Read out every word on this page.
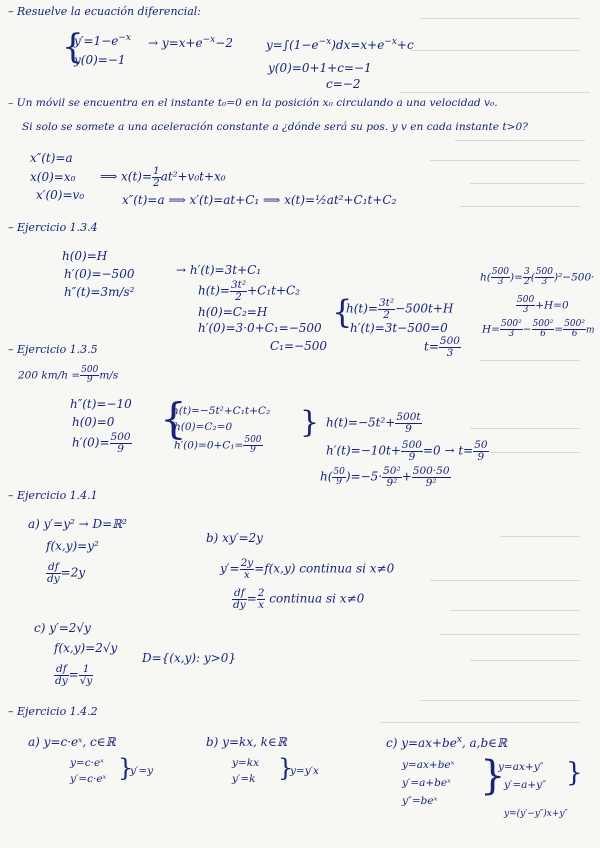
– Resuelve la ecuación diferencial:
{
$y'=1-e^{-x} \to y=x+e^{-x}-2$
y(0)=−1
$y=\int(1-e^{-x})dx=x+e^{-x}+c$
y(0)=0+1+c=−1
c=−2
– Un móvil se encuentra en el instante t₀=0 en la posición x₀ circulando a una velocidad v₀.
Si solo se somete a una aceleración constante a ¿dónde será su pos. y v en cada instante t>0?
x″(t)=a
x(0)=x₀
x′(0)=v₀
⟹ $x(t)= \frac{1}{2} at^2+v_0t+x_0$
x″(t)=a ⟹ x′(t)=at+C₁ ⟹ x(t)=½at²+C₁t+C₂
– Ejercicio 1.3.4
h(0)=H
h′(0)=−500
h″(t)=3m/s²
→ h′(t)=3t+C₁
$h(t)= \frac{\text{3t²}}{2} +C_1t+C_2$
h(0)=C₂=H
h′(0)=3·0+C₁=−500
C₁=−500
{
$h(t)= \frac{\text{3t²}}{2} -500t+H$
h′(t)=3t−500=0
$t= \frac{500}{3}$
$h( \frac{500}{3}$ )= $\frac{3}{2}$ ( $\frac{500}{3} )^2-500\cdot$
$\frac{500}{3} +H=0$
$H= \frac{\text{500²}}{3} - \frac{\text{500²}}{6} = \frac{\text{500²}}{6}$ m
– Ejercicio 1.3.5
200 $km/h = \frac{500}{9} m/s$
h″(t)=−10
h(0)=0
$h'(0)= \frac{500}{9}$ {
h(t)=−5t²+C₁t+C₂
h(0)=C₂=0
$h'(0)=0+C_1= \frac{500}{9}$
} $h(t)=-5t^2+ \frac{500t}{9}$
$h'(t)=-10t+ \frac{500}{9} =0 \to t= \frac{50}{9}$
$h( \frac{50}{9} )=-5\cdot \frac{\text{50²}}{\text{9²}} + \frac{500\cdot 50}{\text{9²}}$
– Ejercicio 1.4.1
a) y′=y² → D=ℝ²
f(x,y)=y²
$\frac{df}{dy} =2y$
b) xy′=2y
$y'= \frac{2y}{x} =f(x,y)$ continua si x≠0
$\frac{df}{dy} = \frac{2}{x}$ continua si x≠0
c) y′=2√y
f(x,y)=2√y
$\frac{df}{dy} = \frac{1}{√y}$
D={(x,y): y>0}
– Ejercicio 1.4.2
a) y=c·eˣ, c∈ℝ
y=c·eˣ
y′=c·eˣ }
y′=y
b) y=kx, k∈ℝ
y=kx
y′=k }
y=y′x
c) $y=ax+be^x$, a,b∈ℝ
y=ax+beˣ
y′=a+beˣ
y″=beˣ
}
y=ax+y″
y′=a+y″ }
y=(y′−y″)x+y″
